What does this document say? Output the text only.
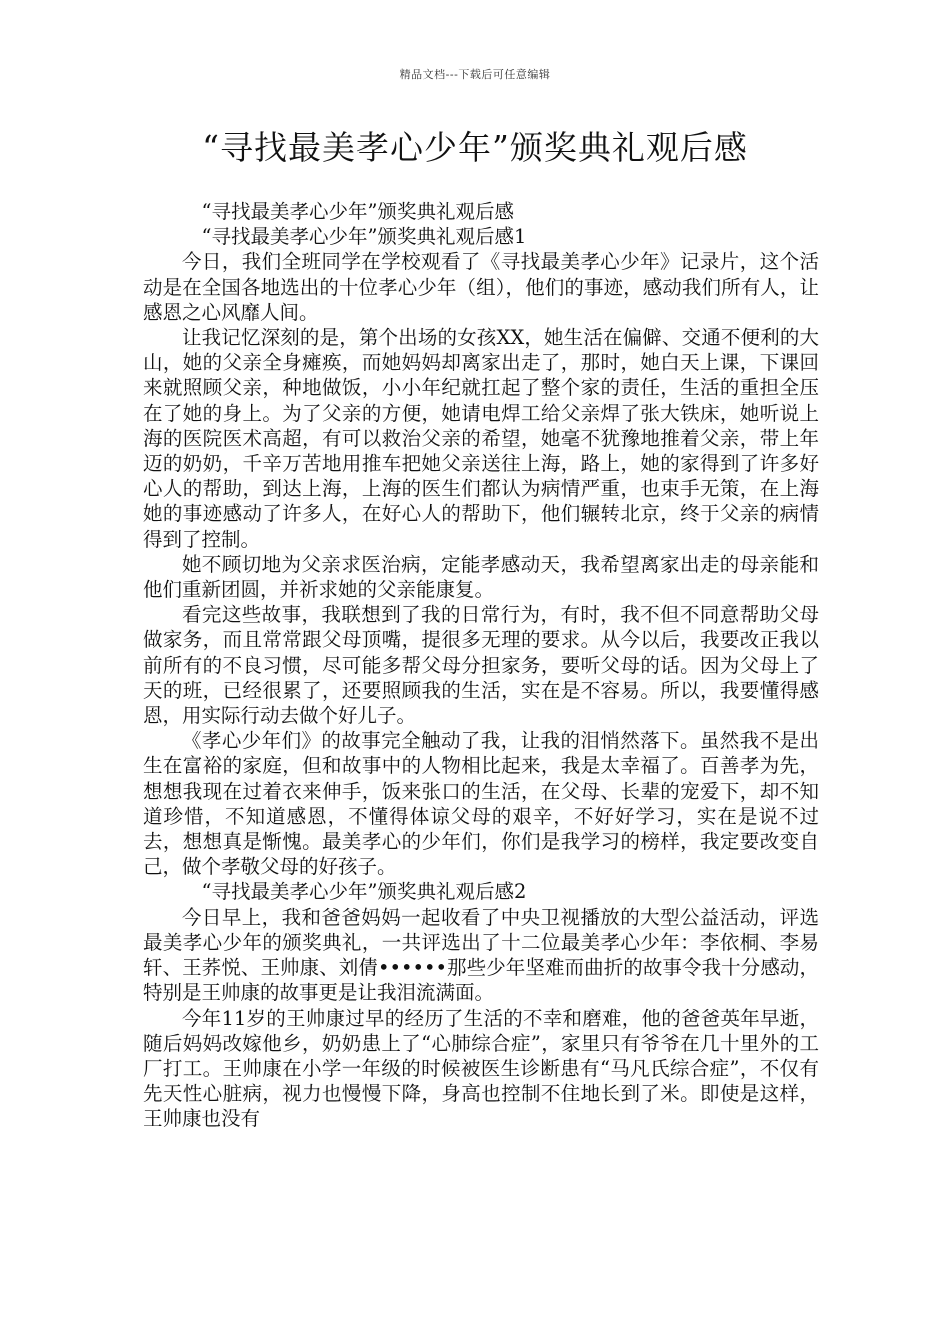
精品文档---下载后可任意编辑
“寻找最美孝心少年”颁奖典礼观后感

“寻找最美孝心少年”颁奖典礼观后感

“寻找最美孝心少年”颁奖典礼观后感1

今日，我们全班同学在学校观看了《寻找最美孝心少年》记录片，这个活动是在全国各地选出的十位孝心少年（组），他们的事迹，感动我们所有人，让感恩之心风靡人间。

让我记忆深刻的是，第个出场的女孩XX，她生活在偏僻、交通不便利的大山，她的父亲全身瘫痪，而她妈妈却离家出走了，那时，她白天上课，下课回来就照顾父亲，种地做饭，小小年纪就扛起了整个家的责任，生活的重担全压在了她的身上。为了父亲的方便，她请电焊工给父亲焊了张大铁床，她听说上海的医院医术高超，有可以救治父亲的希望，她毫不犹豫地推着父亲，带上年迈的奶奶，千辛万苦地用推车把她父亲送往上海，路上，她的家得到了许多好心人的帮助，到达上海，上海的医生们都认为病情严重，也束手无策，在上海她的事迹感动了许多人，在好心人的帮助下，他们辗转北京，终于父亲的病情得到了控制。

她不顾切地为父亲求医治病，定能孝感动天，我希望离家出走的母亲能和他们重新团圆，并祈求她的父亲能康复。

看完这些故事，我联想到了我的日常行为，有时，我不但不同意帮助父母做家务，而且常常跟父母顶嘴，提很多无理的要求。从今以后，我要改正我以前所有的不良习惯，尽可能多帮父母分担家务，要听父母的话。因为父母上了天的班，已经很累了，还要照顾我的生活，实在是不容易。所以，我要懂得感恩，用实际行动去做个好儿子。

《孝心少年们》的故事完全触动了我，让我的泪悄然落下。虽然我不是出生在富裕的家庭，但和故事中的人物相比起来，我是太幸福了。百善孝为先，想想我现在过着衣来伸手，饭来张口的生活，在父母、长辈的宠爱下，却不知道珍惜，不知道感恩，不懂得体谅父母的艰辛，不好好学习，实在是说不过去，想想真是惭愧。最美孝心的少年们，你们是我学习的榜样，我定要改变自己，做个孝敬父母的好孩子。

“寻找最美孝心少年”颁奖典礼观后感2

今日早上，我和爸爸妈妈一起收看了中央卫视播放的大型公益活动，评选最美孝心少年的颁奖典礼，一共评选出了十二位最美孝心少年：李依桐、李易轩、王荞悦、王帅康、刘倩••••••那些少年坚难而曲折的故事令我十分感动，特别是王帅康的故事更是让我泪流满面。

今年11岁的王帅康过早的经历了生活的不幸和磨难，他的爸爸英年早逝，随后妈妈改嫁他乡，奶奶患上了“心肺综合症”，家里只有爷爷在几十里外的工厂打工。王帅康在小学一年级的时候被医生诊断患有“马凡氏综合症”，不仅有先天性心脏病，视力也慢慢下降，身高也控制不住地长到了米。即使是这样，王帅康也没有
